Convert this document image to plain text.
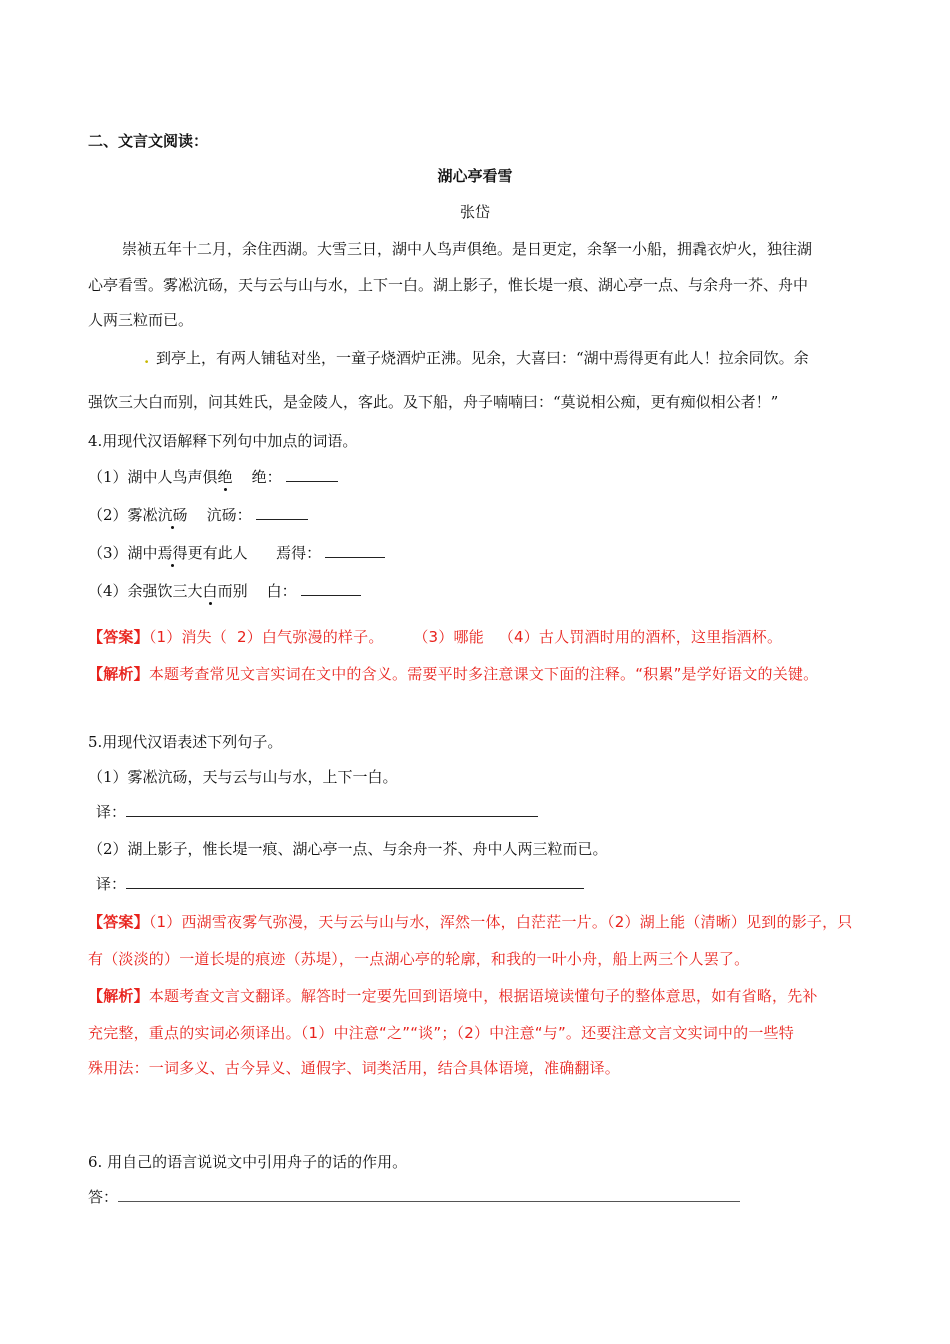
二、文言文阅读：
湖心亭看雪
张岱
崇祯五年十二月，余住西湖。大雪三日，湖中人鸟声俱绝。是日更定，余拏一小船，拥毳衣炉火，独往湖
心亭看雪。雾凇沆砀，天与云与山与水，上下一白。湖上影子，惟长堤一痕、湖心亭一点、与余舟一芥、舟中
人两三粒而已。
. 到亭上，有两人铺毡对坐，一童子烧酒炉正沸。见余，大喜曰：“湖中焉得更有此人！拉余同饮。余
强饮三大白而别，问其姓氏，是金陵人，客此。及下船，舟子喃喃曰：“莫说相公痴，更有痴似相公者！”
4.用现代汉语解释下列句中加点的词语。
（1）湖中人鸟声俱绝    绝：
（2）雾凇沆砀    沆砀：
（3）湖中焉得更有此人      焉得：
（4）余强饮三大白而别    白：
【答案】（1）消失（  2）白气弥漫的样子。      （3）哪能   （4）古人罚酒时用的酒杯，这里指酒杯。
【解析】本题考查常见文言实词在文中的含义。需要平时多注意课文下面的注释。“积累”是学好语文的关键。
5.用现代汉语表述下列句子。
（1）雾凇沆砀，天与云与山与水，上下一白。
译：
（2）湖上影子，惟长堤一痕、湖心亭一点、与余舟一芥、舟中人两三粒而已。
译：
【答案】（1）西湖雪夜雾气弥漫，天与云与山与水，浑然一体，白茫茫一片。（2）湖上能（清晰）见到的影子，只
有（淡淡的）一道长堤的痕迹（苏堤），一点湖心亭的轮廓，和我的一叶小舟，船上两三个人罢了。
【解析】本题考查文言文翻译。解答时一定要先回到语境中，根据语境读懂句子的整体意思，如有省略，先补
充完整，重点的实词必须译出。（1）中注意“之”“谈”；（2）中注意“与”。还要注意文言文实词中的一些特
殊用法：一词多义、古今异义、通假字、词类活用，结合具体语境，准确翻译。
6. 用自己的语言说说文中引用舟子的话的作用。
答：
